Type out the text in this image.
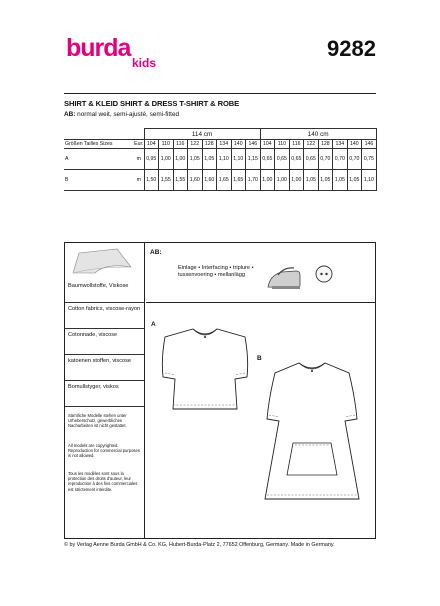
burda
kids
9282
SHIRT & KLEID SHIRT & DRESS T-SHIRT & ROBE
AB: normal weit, semi-ajusté, semi-fitted
		114 cm								140 cm							
Größen Tailles Sizes	Eur.	104	110	116	122	128	134	140	146	104	110	116	122	128	134	140	146
A	m	0,95	1,00	1,00	1,05	1,05	1,10	1,10	1,15	0,65	0,65	0,65	0,65	0,70	0,70	0,70	0,75
B	m	1,50	1,55	1,55	1,60	1,60	1,65	1,65	1,70	1,00	1,00	1,00	1,05	1,05	1,05	1,05	1,10
Baumwollstoffe, Viskose
Cotton fabrics, viscose-rayon
Cotonnade, viscose
katoenen stoffen, viscose
Bomullstyger, viskos
Sämtliche Modelle stehen unter Urheberschutz, gewerbliches Nacharbeiten ist nicht gestattet.
All models are copyrighted. Reproduction for commercial purposes is not allowed.
Tous les modèles sont sous la protection des droits d'auteur, leur reproduction à des fins commerciales est strictement interdite.
AB:
Einlage • Interfacing • triplure • tussenvoering • mellanlägg
A
B
© by Verlag Aenne Burda GmbH & Co. KG, Hubert-Burda-Platz 2, 77652 Offenburg, Germany. Made in Germany.
